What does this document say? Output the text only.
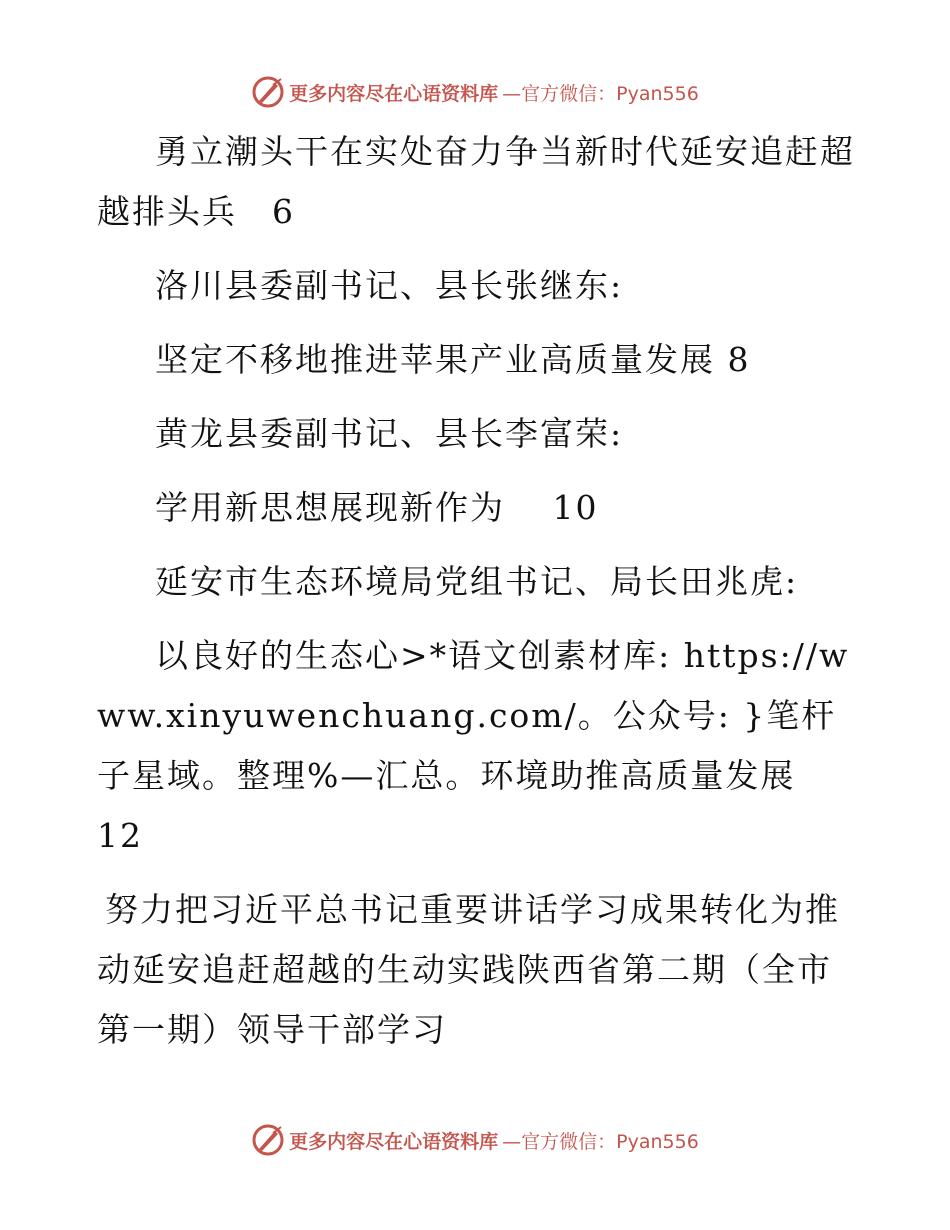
更多内容尽在心语资料库 —官方微信：Pyan556

勇立潮头干在实处奋力争当新时代延安追赶超越排头兵　6

洛川县委副书记、县长张继东:

坚定不移地推进苹果产业高质量发展 8

黄龙县委副书记、县长李富荣:

学用新思想展现新作为　 10

延安市生态环境局党组书记、局长田兆虎:

以良好的生态心>*语文创素材库: https://www.xinyuwenchuang.com/。公众号: }笔杆子星域。整理%—汇总。环境助推高质量发展　 12

努力把习近平总书记重要讲话学习成果转化为推动延安追赶超越的生动实践陕西省第二期（全市第一期）领导干部学习

更多内容尽在心语资料库 —官方微信：Pyan556
